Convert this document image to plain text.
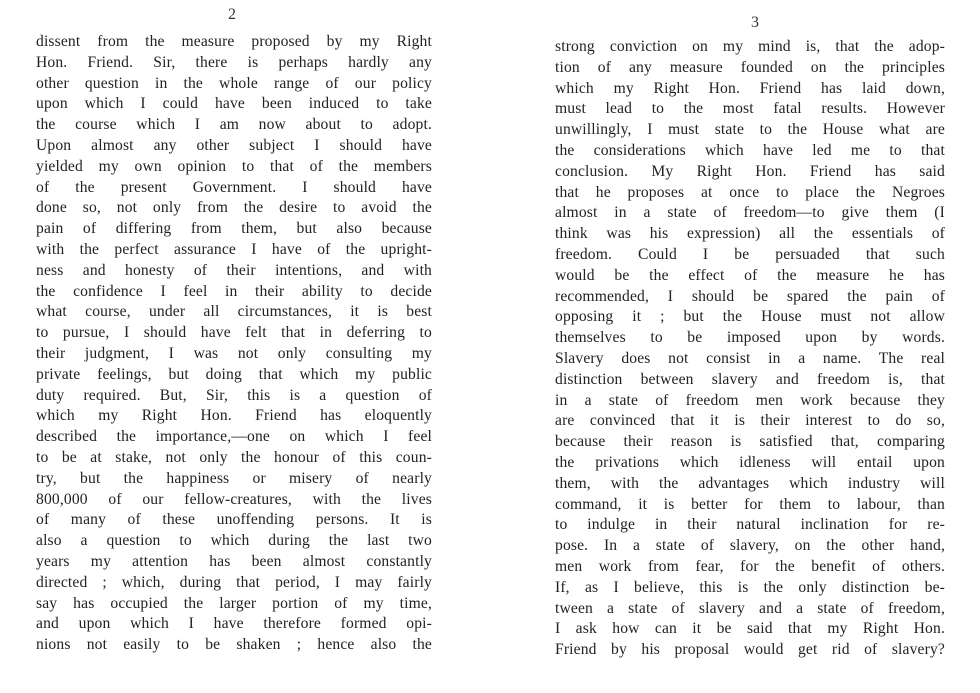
2
dissent from the measure proposed by my Right
Hon. Friend. Sir, there is perhaps hardly any
other question in the whole range of our policy
upon which I could have been induced to take
the course which I am now about to adopt.
Upon almost any other subject I should have
yielded my own opinion to that of the members
of the present Government. I should have
done so, not only from the desire to avoid the
pain of differing from them, but also because
with the perfect assurance I have of the upright-
ness and honesty of their intentions, and with
the confidence I feel in their ability to decide
what course, under all circumstances, it is best
to pursue, I should have felt that in deferring to
their judgment, I was not only consulting my
private feelings, but doing that which my public
duty required. But, Sir, this is a question of
which my Right Hon. Friend has eloquently
described the importance,—one on which I feel
to be at stake, not only the honour of this coun-
try, but the happiness or misery of nearly
800,000 of our fellow-creatures, with the lives
of many of these unoffending persons. It is
also a question to which during the last two
years my attention has been almost constantly
directed ; which, during that period, I may fairly
say has occupied the larger portion of my time,
and upon which I have therefore formed opi-
nions not easily to be shaken ; hence also the
3
strong conviction on my mind is, that the adop-
tion of any measure founded on the principles
which my Right Hon. Friend has laid down,
must lead to the most fatal results. However
unwillingly, I must state to the House what are
the considerations which have led me to that
conclusion. My Right Hon. Friend has said
that he proposes at once to place the Negroes
almost in a state of freedom—to give them (I
think was his expression) all the essentials of
freedom. Could I be persuaded that such
would be the effect of the measure he has
recommended, I should be spared the pain of
opposing it ; but the House must not allow
themselves to be imposed upon by words.
Slavery does not consist in a name. The real
distinction between slavery and freedom is, that
in a state of freedom men work because they
are convinced that it is their interest to do so,
because their reason is satisfied that, comparing
the privations which idleness will entail upon
them, with the advantages which industry will
command, it is better for them to labour, than
to indulge in their natural inclination for re-
pose. In a state of slavery, on the other hand,
men work from fear, for the benefit of others.
If, as I believe, this is the only distinction be-
tween a state of slavery and a state of freedom,
I ask how can it be said that my Right Hon.
Friend by his proposal would get rid of slavery?
